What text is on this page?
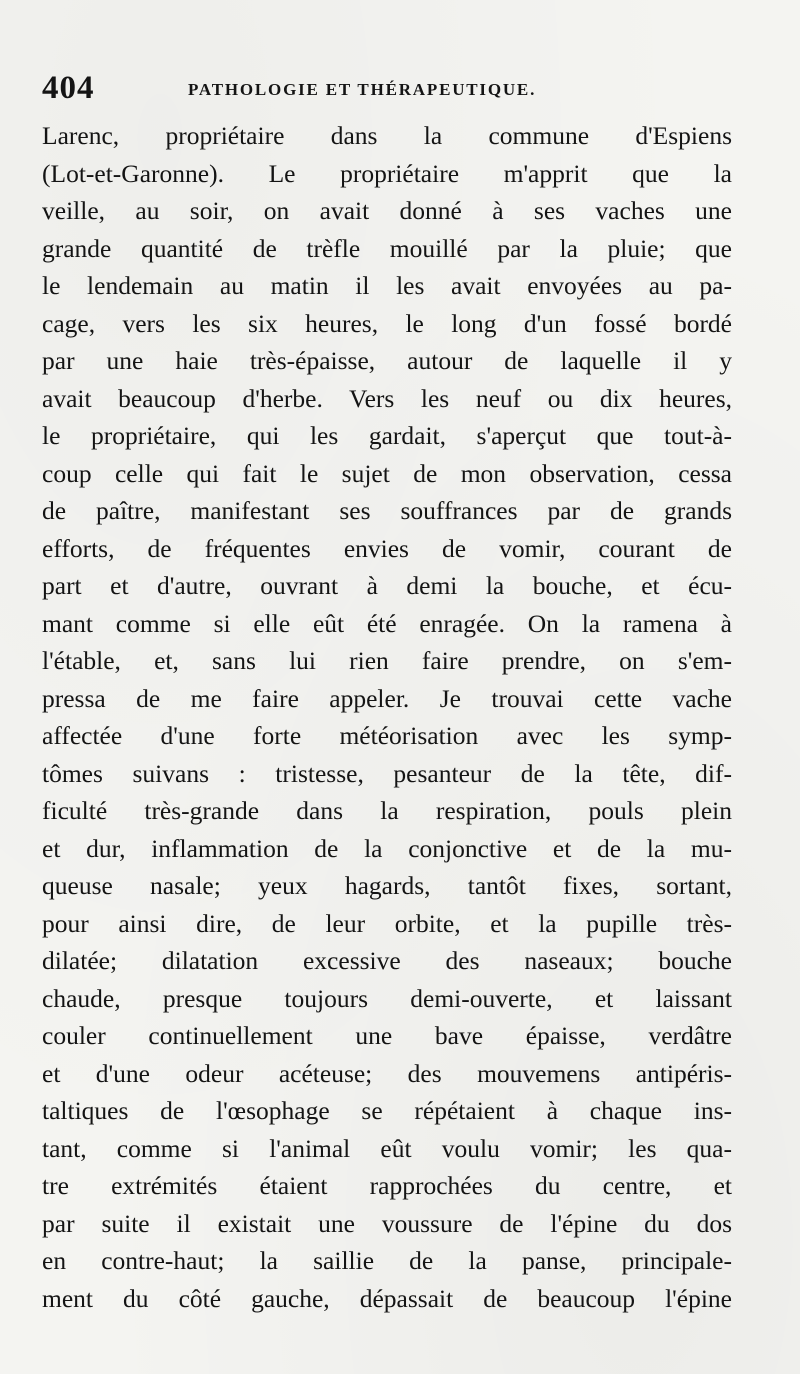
404	PATHOLOGIE ET THÉRAPEUTIQUE.
Larenc, propriétaire dans la commune d'Espiens
(Lot-et-Garonne). Le propriétaire m'apprit que la
veille, au soir, on avait donné à ses vaches une
grande quantité de trèfle mouillé par la pluie; que
le lendemain au matin il les avait envoyées au pa-
cage, vers les six heures, le long d'un fossé bordé
par une haie très-épaisse, autour de laquelle il y
avait beaucoup d'herbe. Vers les neuf ou dix heures,
le propriétaire, qui les gardait, s'aperçut que tout-à-
coup celle qui fait le sujet de mon observation, cessa
de paître, manifestant ses souffrances par de grands
efforts, de fréquentes envies de vomir, courant de
part et d'autre, ouvrant à demi la bouche, et écu-
mant comme si elle eût été enragée. On la ramena à
l'étable, et, sans lui rien faire prendre, on s'em-
pressa de me faire appeler. Je trouvai cette vache
affectée d'une forte météorisation avec les symp-
tômes suivans : tristesse, pesanteur de la tête, dif-
ficulté très-grande dans la respiration, pouls plein
et dur, inflammation de la conjonctive et de la mu-
queuse nasale; yeux hagards, tantôt fixes, sortant,
pour ainsi dire, de leur orbite, et la pupille très-
dilatée; dilatation excessive des naseaux; bouche
chaude, presque toujours demi-ouverte, et laissant
couler continuellement une bave épaisse, verdâtre
et d'une odeur acéteuse; des mouvemens antipéris-
taltiques de l'œsophage se répétaient à chaque ins-
tant, comme si l'animal eût voulu vomir; les qua-
tre extrémités étaient rapprochées du centre, et
par suite il existait une voussure de l'épine du dos
en contre-haut; la saillie de la panse, principale-
ment du côté gauche, dépassait de beaucoup l'épine
